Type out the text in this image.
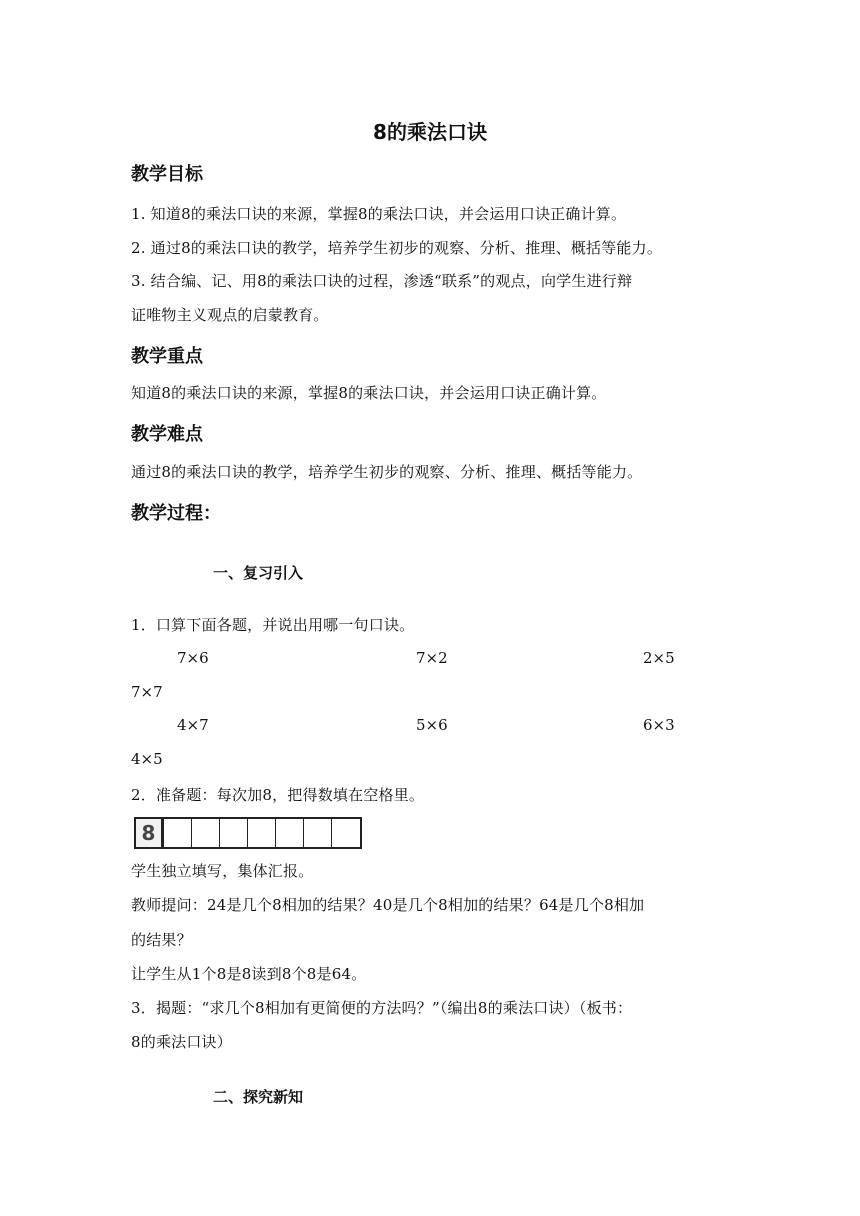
8的乘法口诀
教学目标
1. 知道8的乘法口诀的来源，掌握8的乘法口诀，并会运用口诀正确计算。
2. 通过8的乘法口诀的教学，培养学生初步的观察、分析、推理、概括等能力。
3. 结合编、记、用8的乘法口诀的过程，渗透“联系”的观点，向学生进行辩
证唯物主义观点的启蒙教育。
教学重点
知道8的乘法口诀的来源，掌握8的乘法口诀，并会运用口诀正确计算。
教学难点
通过8的乘法口诀的教学，培养学生初步的观察、分析、推理、概括等能力。
教学过程：
一、复习引入
1．口算下面各题，并说出用哪一句口诀。
7×6	7×2	2×5
7×7
4×7	5×6	6×3
4×5
2．准备题：每次加8，把得数填在空格里。
8
学生独立填写，集体汇报。
教师提问：24是几个8相加的结果？40是几个8相加的结果？64是几个8相加
的结果？
让学生从1个8是8读到8个8是64。
3．揭题：“求几个8相加有更简便的方法吗？”（编出8的乘法口诀）（板书：
8的乘法口诀）
二、探究新知
